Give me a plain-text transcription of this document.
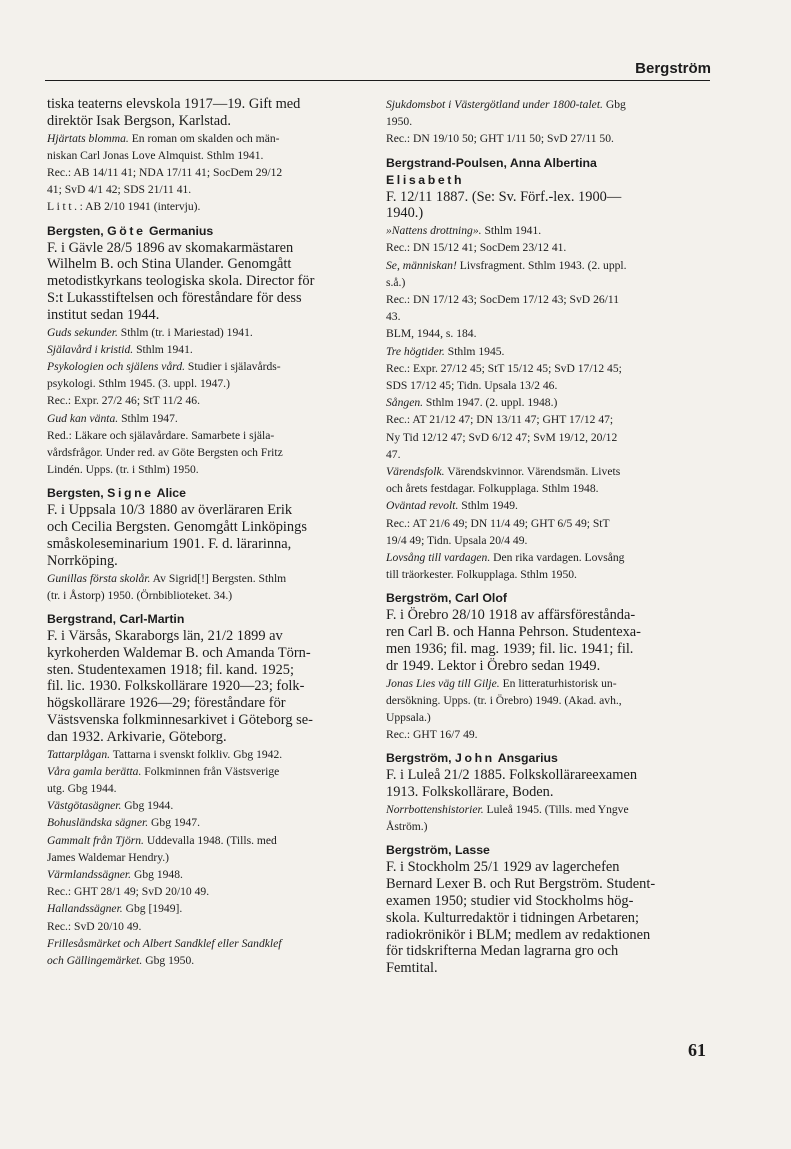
Bergström

tiska teaterns elevskola 1917—19. Gift med

direktör Isak Bergson, Karlstad.

Hjärtats blomma. En roman om skalden och män-

niskan Carl Jonas Love Almquist. Sthlm 1941.

Rec.: AB 14/11 41; NDA 17/11 41; SocDem 29/12

41; SvD 4/1 42; SDS 21/11 41.

Litt.: AB 2/10 1941 (intervju).

Bergsten, Göte Germanius

F. i Gävle 28/5 1896 av skomakarmästaren

Wilhelm B. och Stina Ulander. Genomgått

metodistkyrkans teologiska skola. Director för

S:t Lukasstiftelsen och föreståndare för dess

institut sedan 1944.

Guds sekunder. Sthlm (tr. i Mariestad) 1941.

Själavård i kristid. Sthlm 1941.

Psykologien och själens vård. Studier i själavårds-

psykologi. Sthlm 1945. (3. uppl. 1947.)

Rec.: Expr. 27/2 46; StT 11/2 46.

Gud kan vänta. Sthlm 1947.

Red.: Läkare och själavårdare. Samarbete i själa-

vårdsfrågor. Under red. av Göte Bergsten och Fritz

Lindén. Upps. (tr. i Sthlm) 1950.

Bergsten, Signe Alice

F. i Uppsala 10/3 1880 av överläraren Erik

och Cecilia Bergsten. Genomgått Linköpings

småskoleseminarium 1901. F. d. lärarinna,

Norrköping.

Gunillas första skolår. Av Sigrid[!] Bergsten. Sthlm

(tr. i Åstorp) 1950. (Örnbiblioteket. 34.)

Bergstrand, Carl-Martin

F. i Värsås, Skaraborgs län, 21/2 1899 av

kyrkoherden Waldemar B. och Amanda Törn-

sten. Studentexamen 1918; fil. kand. 1925;

fil. lic. 1930. Folkskollärare 1920—23; folk-

högskollärare 1926—29; föreståndare för

Västsvenska folkminnesarkivet i Göteborg se-

dan 1932. Arkivarie, Göteborg.

Tattarplågan. Tattarna i svenskt folkliv. Gbg 1942.

Våra gamla berätta. Folkminnen från Västsverige

utg. Gbg 1944.

Västgötasägner. Gbg 1944.

Bohusländska sägner. Gbg 1947.

Gammalt från Tjörn. Uddevalla 1948. (Tills. med

James Waldemar Hendry.)

Värmlandssägner. Gbg 1948.

Rec.: GHT 28/1 49; SvD 20/10 49.

Hallandssägner. Gbg [1949].

Rec.: SvD 20/10 49.

Frillesåsmärket och Albert Sandklef eller Sandklef

och Gällingemärket. Gbg 1950.

Sjukdomsbot i Västergötland under 1800-talet. Gbg

1950.

Rec.: DN 19/10 50; GHT 1/11 50; SvD 27/11 50.

Bergstrand-Poulsen, Anna Albertina

Elisabeth

F. 12/11 1887. (Se: Sv. Förf.-lex. 1900—

1940.)

»Nattens drottning». Sthlm 1941.

Rec.: DN 15/12 41; SocDem 23/12 41.

Se, människan! Livsfragment. Sthlm 1943. (2. uppl.

s.å.)

Rec.: DN 17/12 43; SocDem 17/12 43; SvD 26/11

43.

BLM, 1944, s. 184.

Tre högtider. Sthlm 1945.

Rec.: Expr. 27/12 45; StT 15/12 45; SvD 17/12 45;

SDS 17/12 45; Tidn. Upsala 13/2 46.

Sången. Sthlm 1947. (2. uppl. 1948.)

Rec.: AT 21/12 47; DN 13/11 47; GHT 17/12 47;

Ny Tid 12/12 47; SvD 6/12 47; SvM 19/12, 20/12

47.

Värendsfolk. Värendskvinnor. Värendsmän. Livets

och årets festdagar. Folkupplaga. Sthlm 1948.

Oväntad revolt. Sthlm 1949.

Rec.: AT 21/6 49; DN 11/4 49; GHT 6/5 49; StT

19/4 49; Tidn. Upsala 20/4 49.

Lovsång till vardagen. Den rika vardagen. Lovsång

till träorkester. Folkupplaga. Sthlm 1950.

Bergström, Carl Olof

F. i Örebro 28/10 1918 av affärsförestånda-

ren Carl B. och Hanna Pehrson. Studentexa-

men 1936; fil. mag. 1939; fil. lic. 1941; fil.

dr 1949. Lektor i Örebro sedan 1949.

Jonas Lies väg till Gilje. En litteraturhistorisk un-

dersökning. Upps. (tr. i Örebro) 1949. (Akad. avh.,

Uppsala.)

Rec.: GHT 16/7 49.

Bergström, John Ansgarius

F. i Luleå 21/2 1885. Folkskollärareexamen

1913. Folkskollärare, Boden.

Norrbottenshistorier. Luleå 1945. (Tills. med Yngve

Åström.)

Bergström, Lasse

F. i Stockholm 25/1 1929 av lagerchefen

Bernard Lexer B. och Rut Bergström. Student-

examen 1950; studier vid Stockholms hög-

skola. Kulturredaktör i tidningen Arbetaren;

radiokrönikör i BLM; medlem av redaktionen

för tidskrifterna Medan lagrarna gro och

Femtital.

61
